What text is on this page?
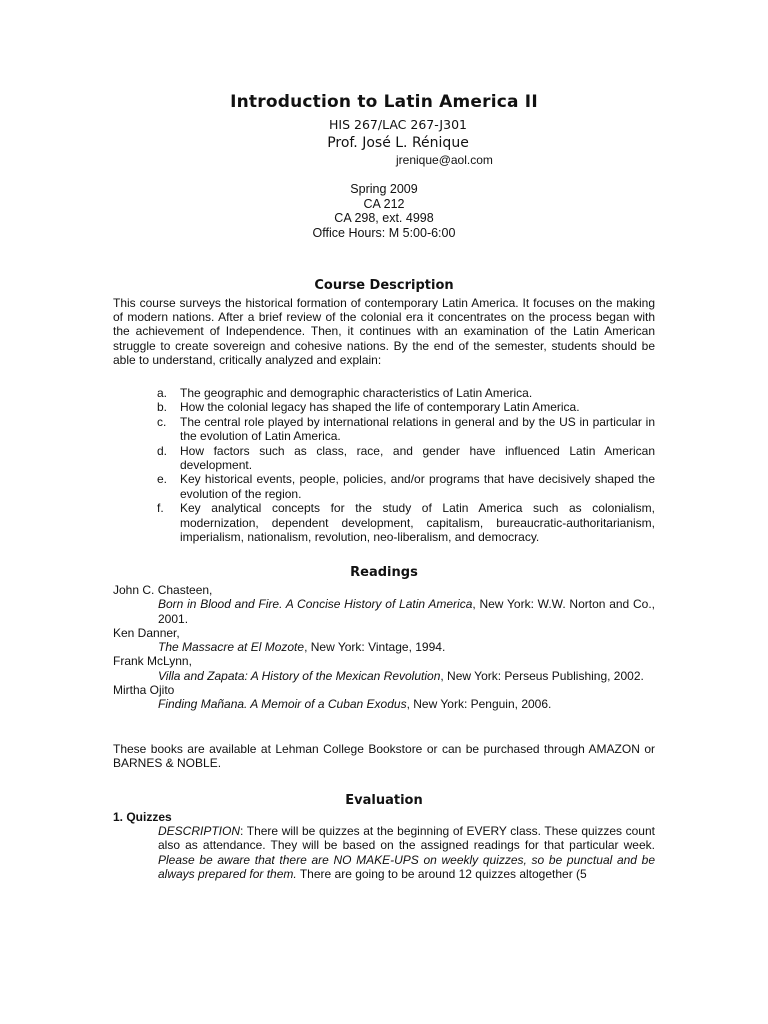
Introduction to Latin America II
HIS 267/LAC 267-J301
Prof. José L. Rénique
jrenique@aol.com
Spring 2009
CA 212
CA 298, ext. 4998
Office Hours: M 5:00-6:00
Course Description
This course surveys the historical formation of contemporary Latin America. It focuses on the making of modern nations. After a brief review of the colonial era it concentrates on the process began with the achievement of Independence. Then, it continues with an examination of the Latin American struggle to create sovereign and cohesive nations. By the end of the semester, students should be able to understand, critically analyzed and explain:
a.	The geographic and demographic characteristics of Latin America.
b.	How the colonial legacy has shaped the life of contemporary Latin America.
c.	The central role played by international relations in general and by the US in particular in the evolution of Latin America.
d.	How factors such as class, race, and gender have influenced Latin American development.
e.	Key historical events, people, policies, and/or programs that have decisively shaped the evolution of the region.
f.	Key analytical concepts for the study of Latin America such as colonialism, modernization, dependent development, capitalism, bureaucratic-authoritarianism, imperialism, nationalism, revolution, neo-liberalism, and democracy.
Readings
John C. Chasteen,
Born in Blood and Fire. A Concise History of Latin America, New York: W.W. Norton and Co., 2001.
Ken Danner,
The Massacre at El Mozote, New York: Vintage, 1994.
Frank McLynn,
Villa and Zapata: A History of the Mexican Revolution, New York: Perseus Publishing, 2002.
Mirtha Ojito
Finding Mañana. A Memoir of a Cuban Exodus, New York: Penguin, 2006.
These books are available at Lehman College Bookstore or can be purchased through AMAZON or BARNES & NOBLE.
Evaluation
1. Quizzes
DESCRIPTION: There will be quizzes at the beginning of EVERY class. These quizzes count also as attendance. They will be based on the assigned readings for that particular week. Please be aware that there are NO MAKE-UPS on weekly quizzes, so be punctual and be always prepared for them. There are going to be around 12 quizzes altogether (5
